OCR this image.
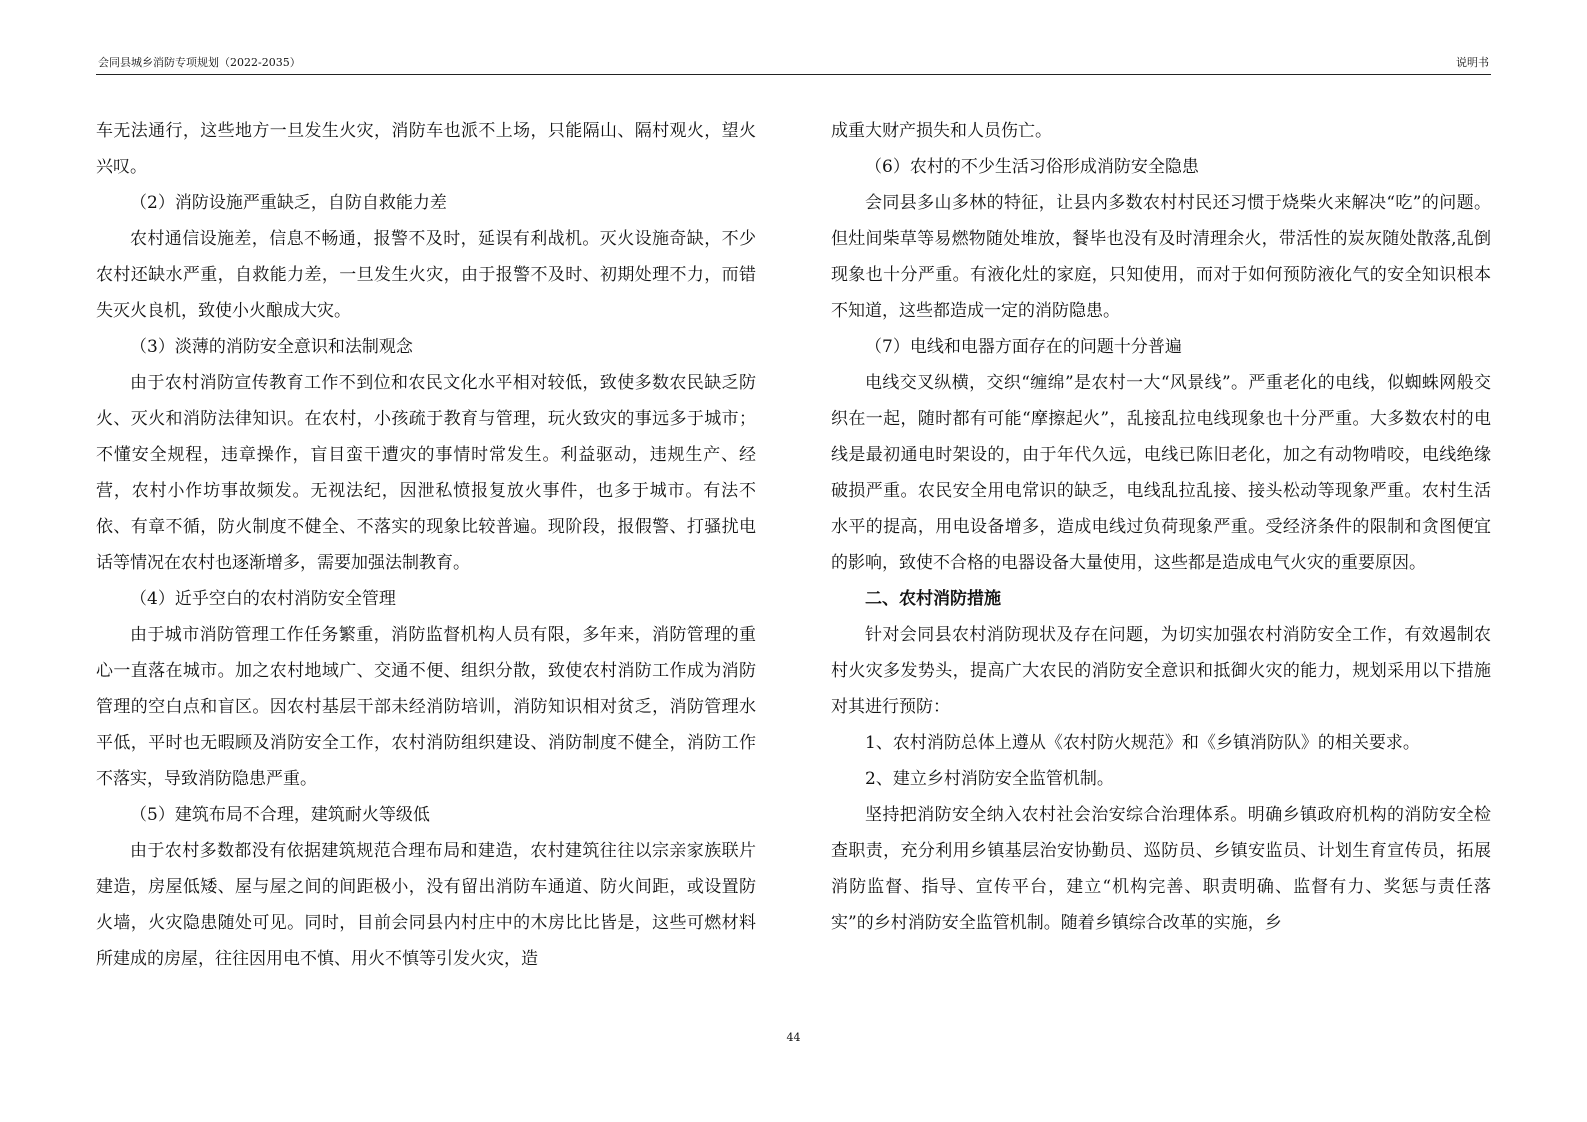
会同县城乡消防专项规划（2022-2035）	说明书

车无法通行，这些地方一旦发生火灾，消防车也派不上场，只能隔山、隔村观火，望火兴叹。

（2）消防设施严重缺乏，自防自救能力差

农村通信设施差，信息不畅通，报警不及时，延误有利战机。灭火设施奇缺，不少农村还缺水严重，自救能力差，一旦发生火灾，由于报警不及时、初期处理不力，而错失灭火良机，致使小火酿成大灾。

（3）淡薄的消防安全意识和法制观念

由于农村消防宣传教育工作不到位和农民文化水平相对较低，致使多数农民缺乏防火、灭火和消防法律知识。在农村，小孩疏于教育与管理，玩火致灾的事远多于城市；不懂安全规程，违章操作，盲目蛮干遭灾的事情时常发生。利益驱动，违规生产、经营，农村小作坊事故频发。无视法纪，因泄私愤报复放火事件，也多于城市。有法不依、有章不循，防火制度不健全、不落实的现象比较普遍。现阶段，报假警、打骚扰电话等情况在农村也逐渐增多，需要加强法制教育。

（4）近乎空白的农村消防安全管理

由于城市消防管理工作任务繁重，消防监督机构人员有限，多年来，消防管理的重心一直落在城市。加之农村地域广、交通不便、组织分散，致使农村消防工作成为消防管理的空白点和盲区。因农村基层干部未经消防培训，消防知识相对贫乏，消防管理水平低，平时也无暇顾及消防安全工作，农村消防组织建设、消防制度不健全，消防工作不落实，导致消防隐患严重。

（5）建筑布局不合理，建筑耐火等级低

由于农村多数都没有依据建筑规范合理布局和建造，农村建筑往往以宗亲家族联片建造，房屋低矮、屋与屋之间的间距极小，没有留出消防车通道、防火间距，或设置防火墙，火灾隐患随处可见。同时，目前会同县内村庄中的木房比比皆是，这些可燃材料所建成的房屋，往往因用电不慎、用火不慎等引发火灾，造

成重大财产损失和人员伤亡。

（6）农村的不少生活习俗形成消防安全隐患

会同县多山多林的特征，让县内多数农村村民还习惯于烧柴火来解决“吃”的问题。但灶间柴草等易燃物随处堆放，餐毕也没有及时清理余火，带活性的炭灰随处散落,乱倒现象也十分严重。有液化灶的家庭，只知使用，而对于如何预防液化气的安全知识根本不知道，这些都造成一定的消防隐患。

（7）电线和电器方面存在的问题十分普遍

电线交叉纵横，交织“缠绵”是农村一大“风景线”。严重老化的电线，似蜘蛛网般交织在一起，随时都有可能“摩擦起火”，乱接乱拉电线现象也十分严重。大多数农村的电线是最初通电时架设的，由于年代久远，电线已陈旧老化，加之有动物啃咬，电线绝缘破损严重。农民安全用电常识的缺乏，电线乱拉乱接、接头松动等现象严重。农村生活水平的提高，用电设备增多，造成电线过负荷现象严重。受经济条件的限制和贪图便宜的影响，致使不合格的电器设备大量使用，这些都是造成电气火灾的重要原因。

二、农村消防措施

针对会同县农村消防现状及存在问题，为切实加强农村消防安全工作，有效遏制农村火灾多发势头，提高广大农民的消防安全意识和抵御火灾的能力，规划采用以下措施对其进行预防：

1、农村消防总体上遵从《农村防火规范》和《乡镇消防队》的相关要求。

2、建立乡村消防安全监管机制。

坚持把消防安全纳入农村社会治安综合治理体系。明确乡镇政府机构的消防安全检查职责，充分利用乡镇基层治安协勤员、巡防员、乡镇安监员、计划生育宣传员，拓展消防监督、指导、宣传平台，建立“机构完善、职责明确、监督有力、奖惩与责任落实”的乡村消防安全监管机制。随着乡镇综合改革的实施，乡

44
